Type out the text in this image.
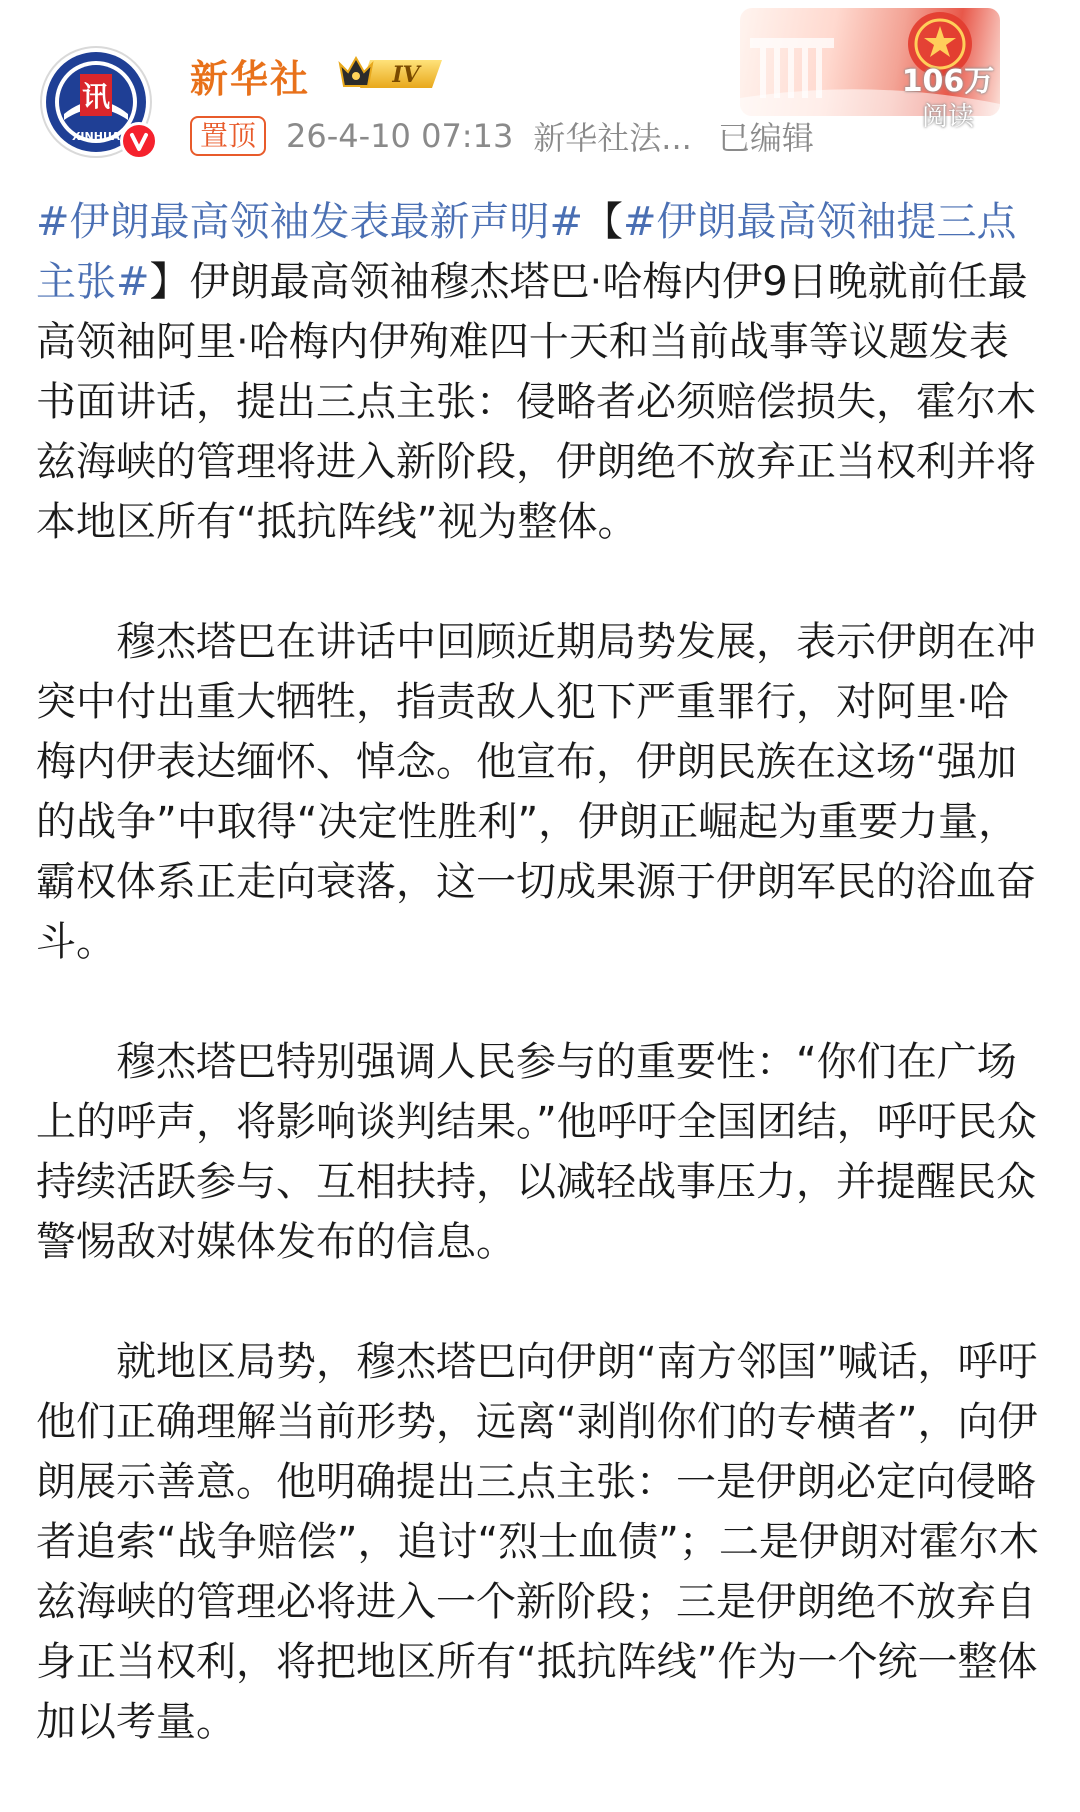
讯
XINHUA
新华社	IV
置顶 26-4-10 07:13 新华社法... 已编辑
106万
阅读

#伊朗最高领袖发表最新声明#【#伊朗最高领袖提三点主张#】伊朗最高领袖穆杰塔巴·哈梅内伊9日晚就前任最高领袖阿里·哈梅内伊殉难四十天和当前战事等议题发表书面讲话，提出三点主张：侵略者必须赔偿损失，霍尔木兹海峡的管理将进入新阶段，伊朗绝不放弃正当权利并将本地区所有“抵抗阵线”视为整体。

穆杰塔巴在讲话中回顾近期局势发展，表示伊朗在冲突中付出重大牺牲，指责敌人犯下严重罪行，对阿里·哈梅内伊表达缅怀、悼念。他宣布，伊朗民族在这场“强加的战争”中取得“决定性胜利”，伊朗正崛起为重要力量，霸权体系正走向衰落，这一切成果源于伊朗军民的浴血奋斗。

穆杰塔巴特别强调人民参与的重要性：“你们在广场上的呼声，将影响谈判结果。”他呼吁全国团结，呼吁民众持续活跃参与、互相扶持，以减轻战事压力，并提醒民众警惕敌对媒体发布的信息。

就地区局势，穆杰塔巴向伊朗“南方邻国”喊话，呼吁他们正确理解当前形势，远离“剥削你们的专横者”，向伊朗展示善意。他明确提出三点主张：一是伊朗必定向侵略者追索“战争赔偿”，追讨“烈士血债”；二是伊朗对霍尔木兹海峡的管理必将进入一个新阶段；三是伊朗绝不放弃自身正当权利，将把地区所有“抵抗阵线”作为一个统一整体加以考量。
